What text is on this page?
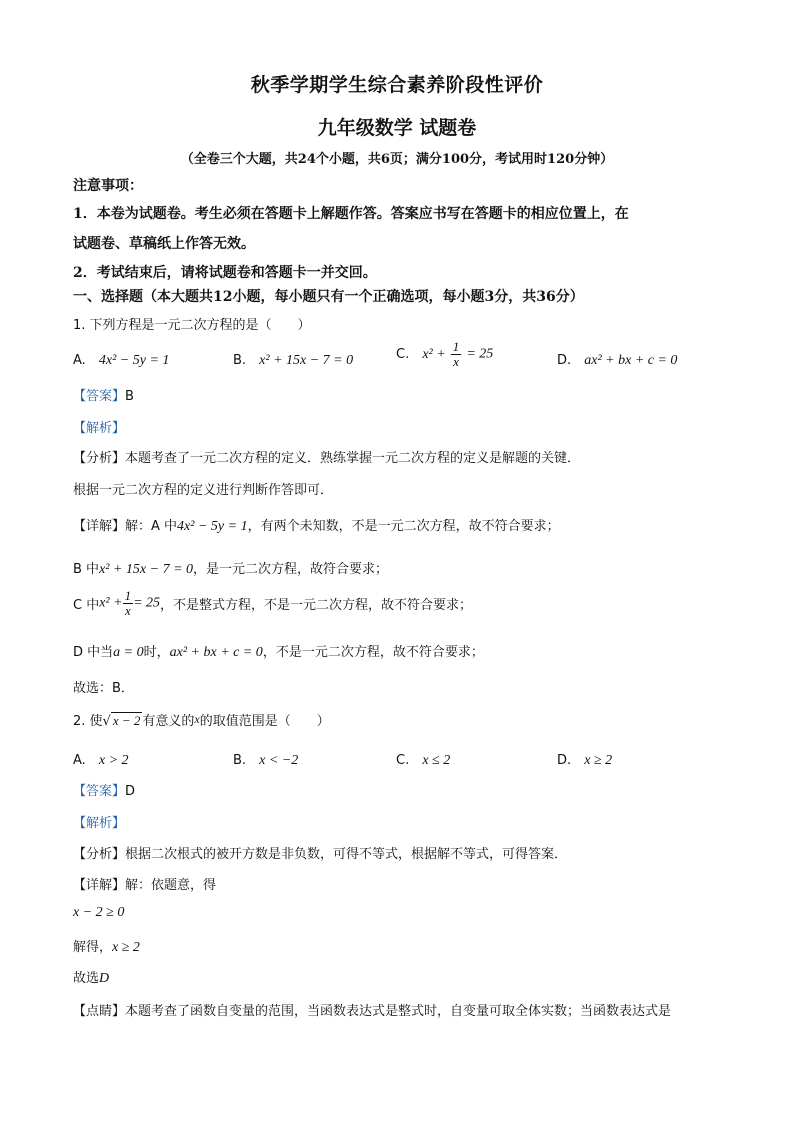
秋季学期学生综合素养阶段性评价
九年级数学 试题卷
（全卷三个大题，共24个小题，共6页；满分100分，考试用时120分钟）
注意事项：
1．本卷为试题卷。考生必须在答题卡上解题作答。答案应书写在答题卡的相应位置上，在
试题卷、草稿纸上作答无效。
2．考试结束后，请将试题卷和答题卡一并交回。
一、选择题（本大题共12小题，每小题只有一个正确选项，每小题3分，共36分）
1. 下列方程是一元二次方程的是（　　）
A. 4x² − 5y = 1	B. x² + 15x − 7 = 0	C. $x^2 + \frac{1}{x} = 25$	D. ax² + bx + c = 0
【答案】B
【解析】
【分析】本题考查了一元二次方程的定义．熟练掌握一元二次方程的定义是解题的关键．
根据一元二次方程的定义进行判断作答即可．
【详解】解：A 中4x² − 5y = 1，有两个未知数，不是一元二次方程，故不符合要求；
B 中x² + 15x − 7 = 0，是一元二次方程，故符合要求；
C 中$x^2 + \frac{1}{x} = 25$，不是整式方程，不是一元二次方程，故不符合要求；
D 中当a = 0时，ax² + bx + c = 0，不是一元二次方程，故不符合要求；
故选：B．
2. 使√ x − 2 有意义的x的取值范围是（　　）
A. x > 2	B. x < −2	C. x ≤ 2	D. x ≥ 2
【答案】D
【解析】
【分析】根据二次根式的被开方数是非负数，可得不等式，根据解不等式，可得答案．
【详解】解：依题意，得
x − 2 ≥ 0
解得，x ≥ 2
故选D
【点睛】本题考查了函数自变量的范围，当函数表达式是整式时，自变量可取全体实数；当函数表达式是
